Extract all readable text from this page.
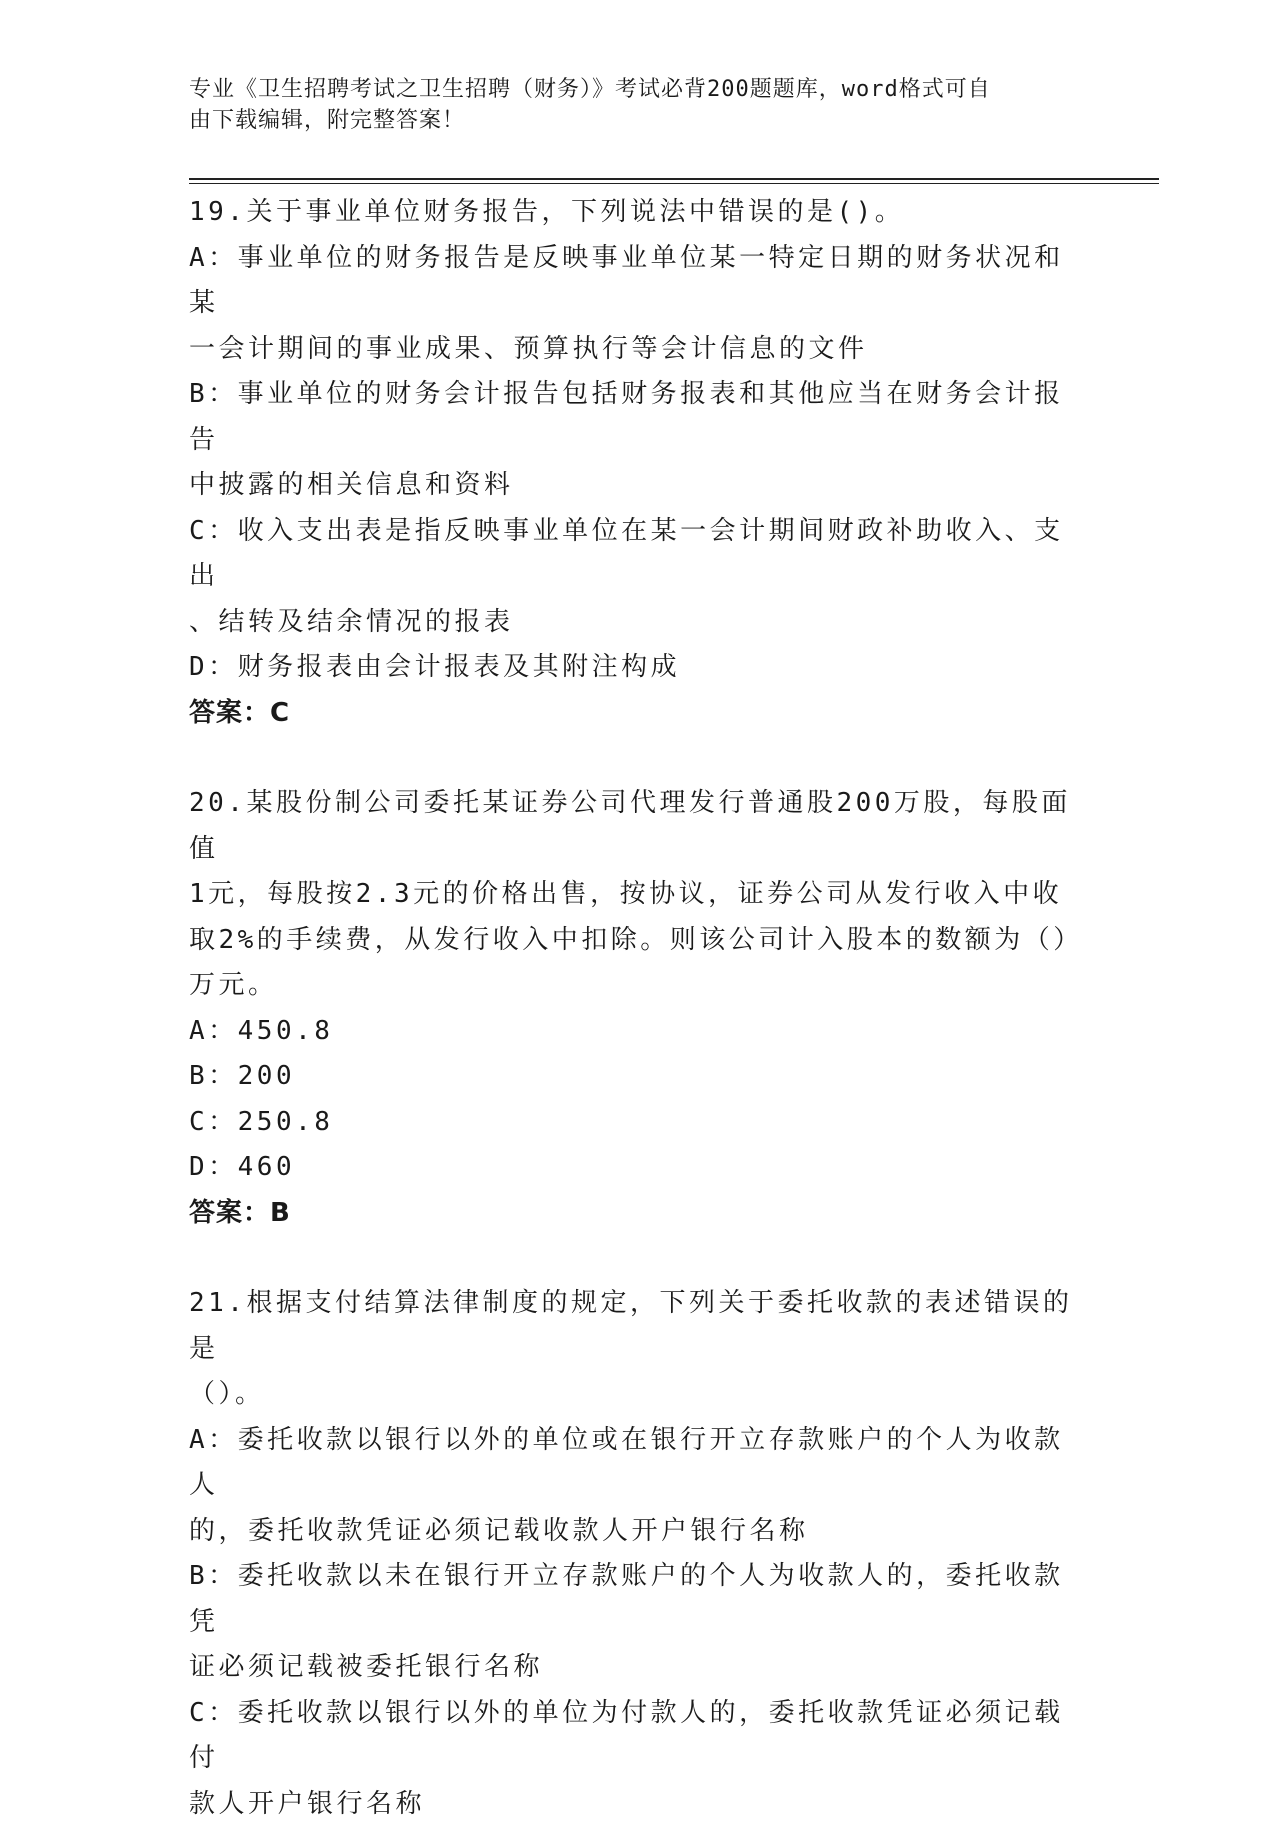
专业《卫生招聘考试之卫生招聘（财务）》考试必背200题题库，word格式可自
由下载编辑，附完整答案！
19.关于事业单位财务报告，下列说法中错误的是()。
A：事业单位的财务报告是反映事业单位某一特定日期的财务状况和某
一会计期间的事业成果、预算执行等会计信息的文件
B：事业单位的财务会计报告包括财务报表和其他应当在财务会计报告
中披露的相关信息和资料
C：收入支出表是指反映事业单位在某一会计期间财政补助收入、支出
、结转及结余情况的报表
D：财务报表由会计报表及其附注构成
答案：C
20.某股份制公司委托某证券公司代理发行普通股200万股，每股面值
1元，每股按2.3元的价格出售，按协议，证券公司从发行收入中收
取2%的手续费，从发行收入中扣除。则该公司计入股本的数额为（）
万元。
A：450.8
B：200
C：250.8
D：460
答案：B
21.根据支付结算法律制度的规定，下列关于委托收款的表述错误的是
（）。
A：委托收款以银行以外的单位或在银行开立存款账户的个人为收款人
的，委托收款凭证必须记载收款人开户银行名称
B：委托收款以未在银行开立存款账户的个人为收款人的，委托收款凭
证必须记载被委托银行名称
C：委托收款以银行以外的单位为付款人的，委托收款凭证必须记载付
款人开户银行名称
